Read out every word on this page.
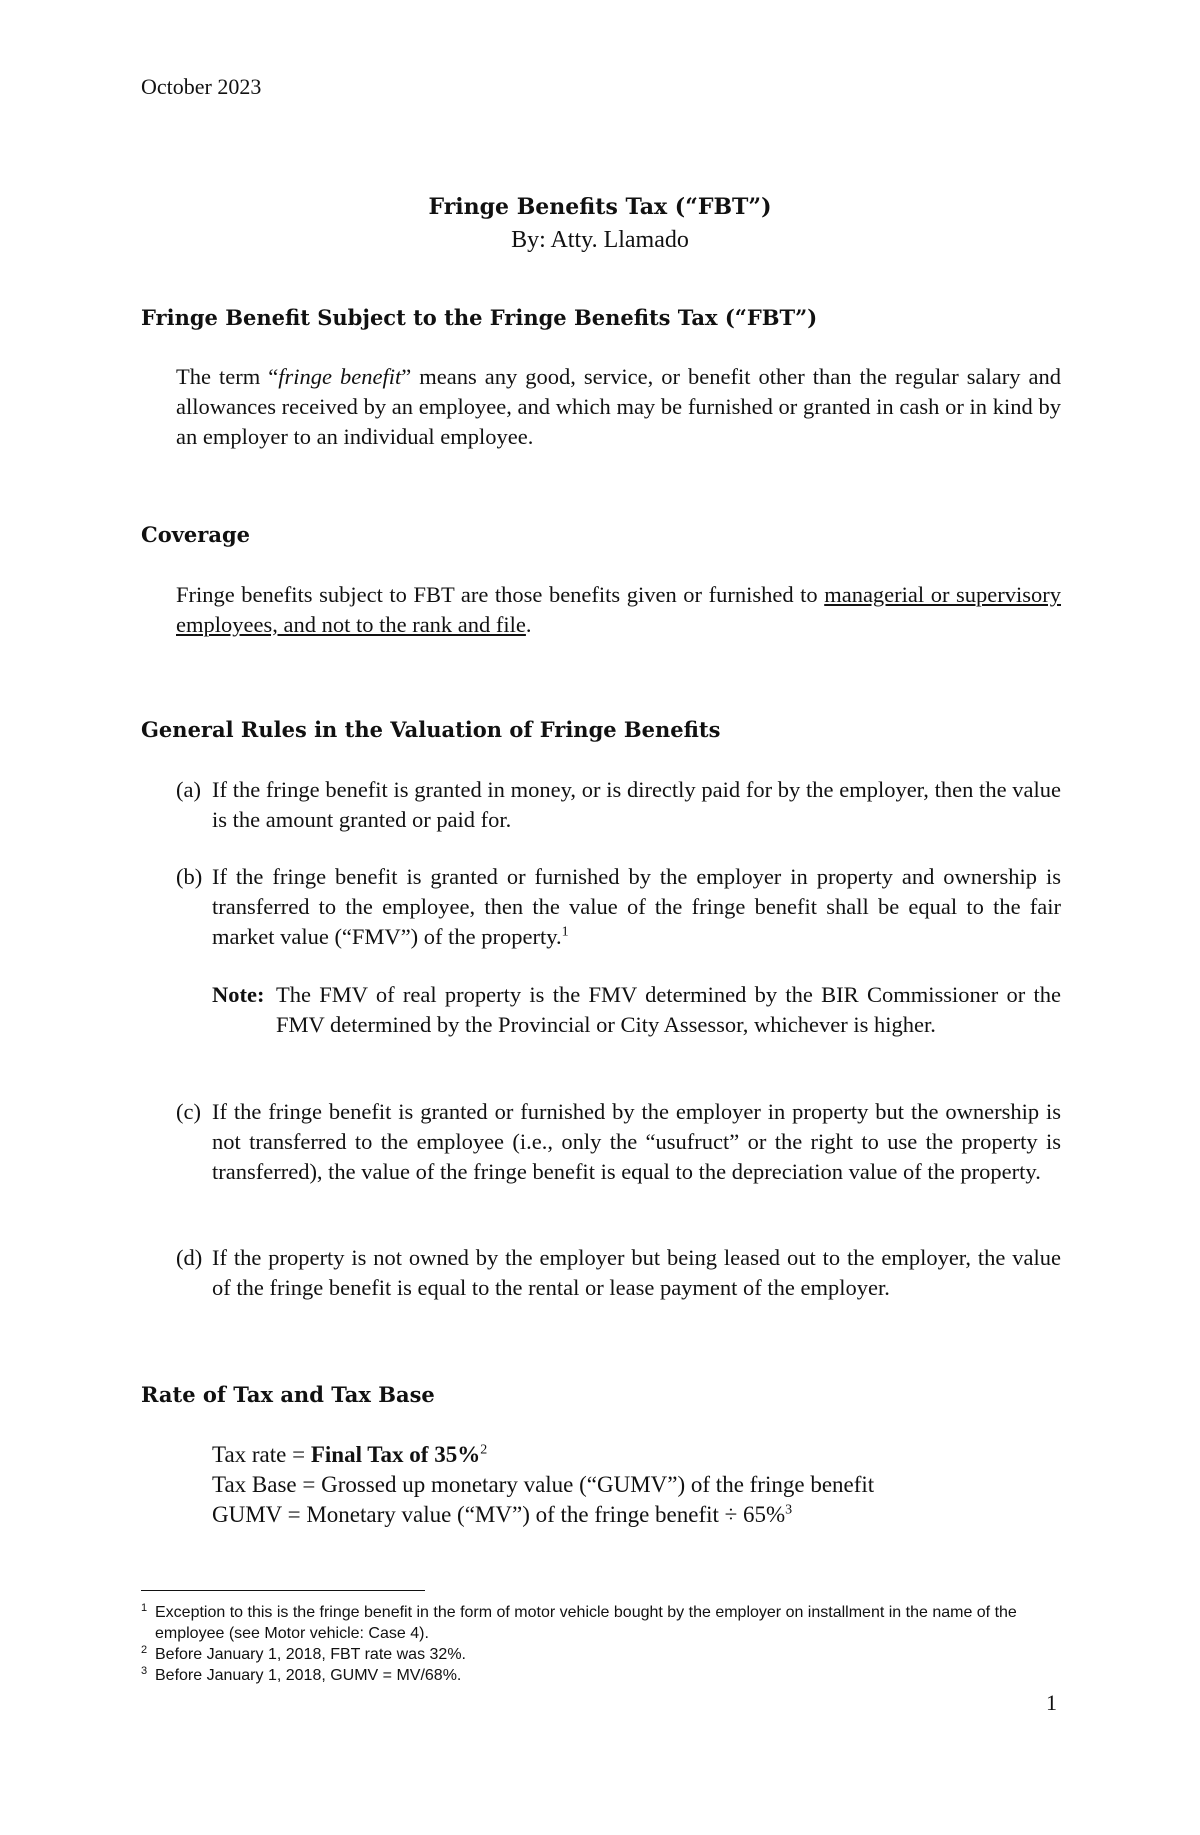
October 2023
Fringe Benefits Tax (“FBT”)
By: Atty. Llamado
Fringe Benefit Subject to the Fringe Benefits Tax (“FBT”)
The term “fringe benefit” means any good, service, or benefit other than the regular salary and allowances received by an employee, and which may be furnished or granted in cash or in kind by an employer to an individual employee.
Coverage
Fringe benefits subject to FBT are those benefits given or furnished to managerial or supervisory employees, and not to the rank and file.
General Rules in the Valuation of Fringe Benefits
(a) If the fringe benefit is granted in money, or is directly paid for by the employer, then the value is the amount granted or paid for.
(b) If the fringe benefit is granted or furnished by the employer in property and ownership is transferred to the employee, then the value of the fringe benefit shall be equal to the fair market value (“FMV”) of the property.$^1$
Note: The FMV of real property is the FMV determined by the BIR Commissioner or the FMV determined by the Provincial or City Assessor, whichever is higher.
(c) If the fringe benefit is granted or furnished by the employer in property but the ownership is not transferred to the employee (i.e., only the “usufruct” or the right to use the property is transferred), the value of the fringe benefit is equal to the depreciation value of the property.
(d) If the property is not owned by the employer but being leased out to the employer, the value of the fringe benefit is equal to the rental or lease payment of the employer.
Rate of Tax and Tax Base
Tax rate = Final Tax of 35%$^2$
Tax Base = Grossed up monetary value (“GUMV”) of the fringe benefit
GUMV = Monetary value (“MV”) of the fringe benefit ÷ 65%$^3$
1 Exception to this is the fringe benefit in the form of motor vehicle bought by the employer on installment in the name of the employee (see Motor vehicle: Case 4).
2 Before January 1, 2018, FBT rate was 32%.
3 Before January 1, 2018, GUMV = MV/68%.
1
